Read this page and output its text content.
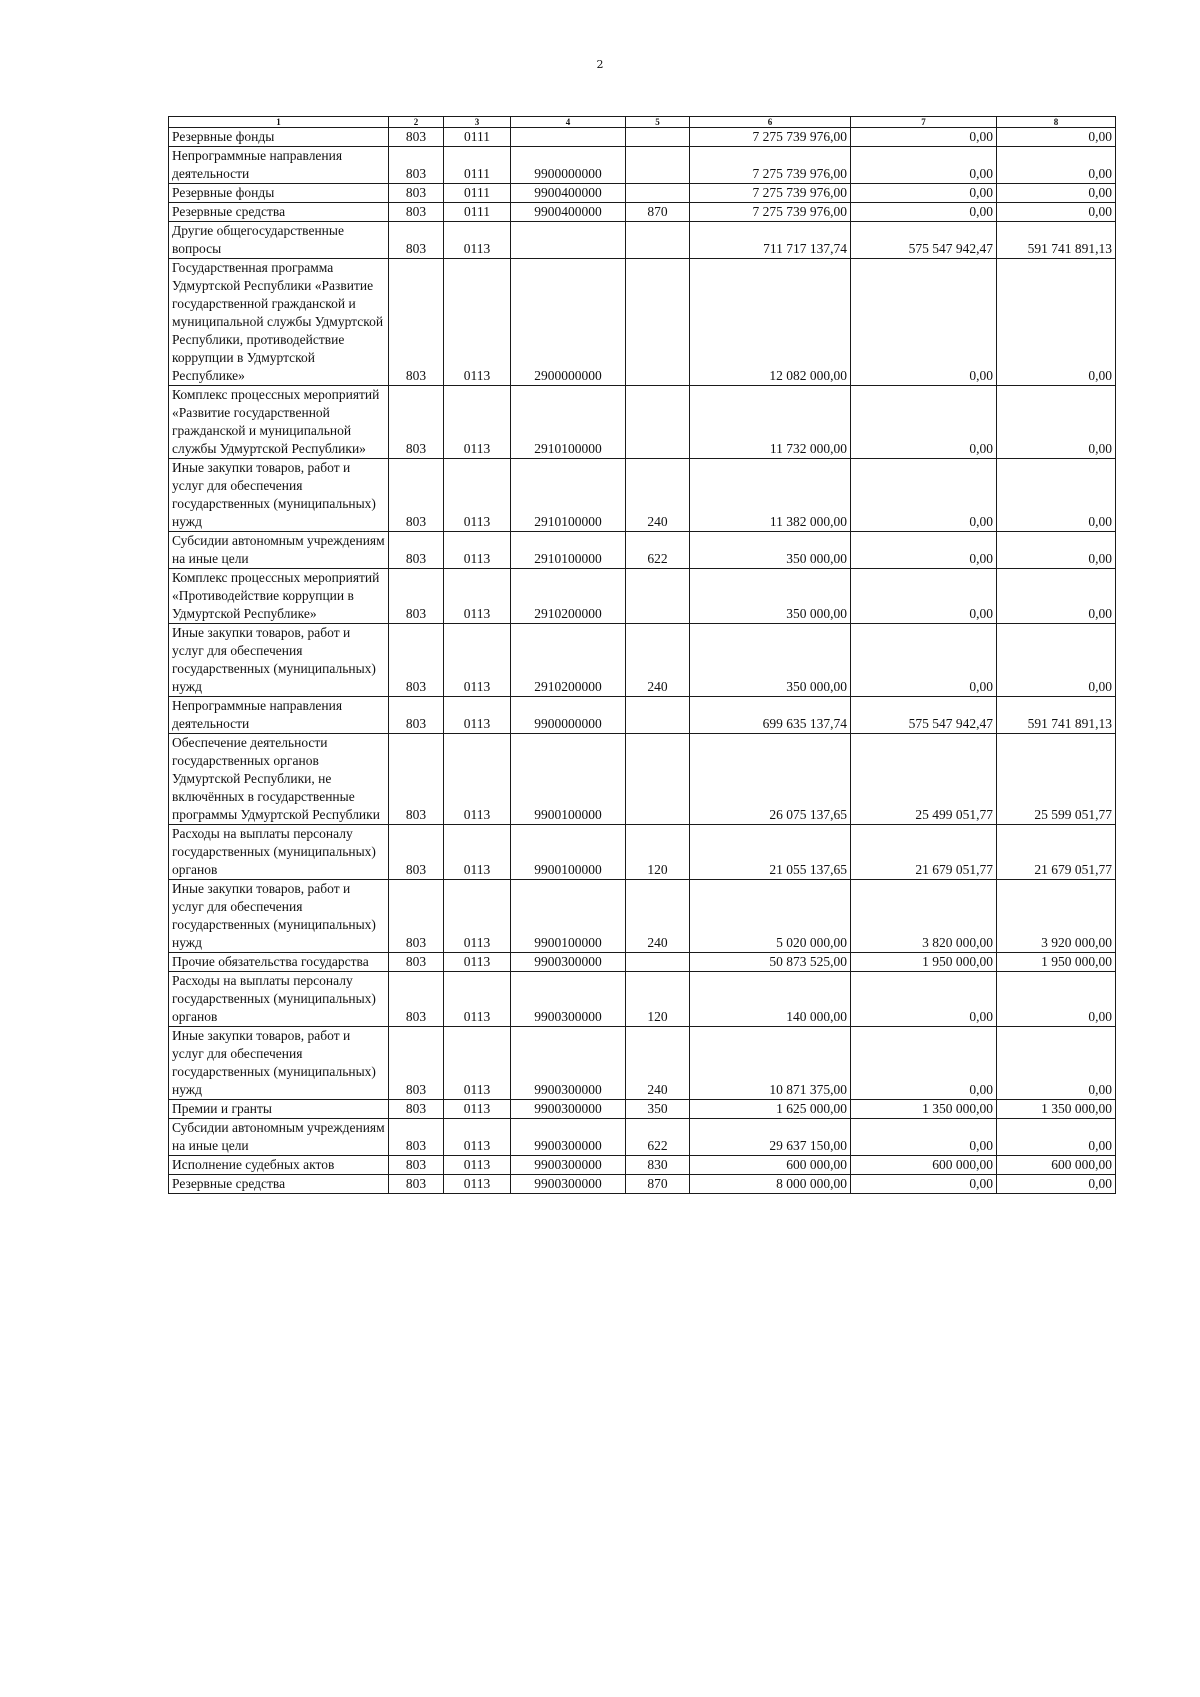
2
1	2	3	4	5	6	7	8
Резервные фонды	803	0111			7 275 739 976,00	0,00	0,00
Непрограммные направления деятельности	803	0111	9900000000		7 275 739 976,00	0,00	0,00
Резервные фонды	803	0111	9900400000		7 275 739 976,00	0,00	0,00
Резервные средства	803	0111	9900400000	870	7 275 739 976,00	0,00	0,00
Другие общегосударственные вопросы	803	0113			711 717 137,74	575 547 942,47	591 741 891,13
Государственная программа Удмуртской Республики «Развитие государственной гражданской и муниципальной службы Удмуртской Республики, противодействие коррупции в Удмуртской Республике»	803	0113	2900000000		12 082 000,00	0,00	0,00
Комплекс процессных мероприятий «Развитие государственной гражданской и муниципальной службы Удмуртской Республики»	803	0113	2910100000		11 732 000,00	0,00	0,00
Иные закупки товаров, работ и услуг для обеспечения государственных (муниципальных) нужд	803	0113	2910100000	240	11 382 000,00	0,00	0,00
Субсидии автономным учреждениям на иные цели	803	0113	2910100000	622	350 000,00	0,00	0,00
Комплекс процессных мероприятий «Противодействие коррупции в Удмуртской Республике»	803	0113	2910200000		350 000,00	0,00	0,00
Иные закупки товаров, работ и услуг для обеспечения государственных (муниципальных) нужд	803	0113	2910200000	240	350 000,00	0,00	0,00
Непрограммные направления деятельности	803	0113	9900000000		699 635 137,74	575 547 942,47	591 741 891,13
Обеспечение деятельности государственных органов Удмуртской Республики, не включённых в государственные программы Удмуртской Республики	803	0113	9900100000		26 075 137,65	25 499 051,77	25 599 051,77
Расходы на выплаты персоналу государственных (муниципальных) органов	803	0113	9900100000	120	21 055 137,65	21 679 051,77	21 679 051,77
Иные закупки товаров, работ и услуг для обеспечения государственных (муниципальных) нужд	803	0113	9900100000	240	5 020 000,00	3 820 000,00	3 920 000,00
Прочие обязательства государства	803	0113	9900300000		50 873 525,00	1 950 000,00	1 950 000,00
Расходы на выплаты персоналу государственных (муниципальных) органов	803	0113	9900300000	120	140 000,00	0,00	0,00
Иные закупки товаров, работ и услуг для обеспечения государственных (муниципальных) нужд	803	0113	9900300000	240	10 871 375,00	0,00	0,00
Премии и гранты	803	0113	9900300000	350	1 625 000,00	1 350 000,00	1 350 000,00
Субсидии автономным учреждениям на иные цели	803	0113	9900300000	622	29 637 150,00	0,00	0,00
Исполнение судебных актов	803	0113	9900300000	830	600 000,00	600 000,00	600 000,00
Резервные средства	803	0113	9900300000	870	8 000 000,00	0,00	0,00
